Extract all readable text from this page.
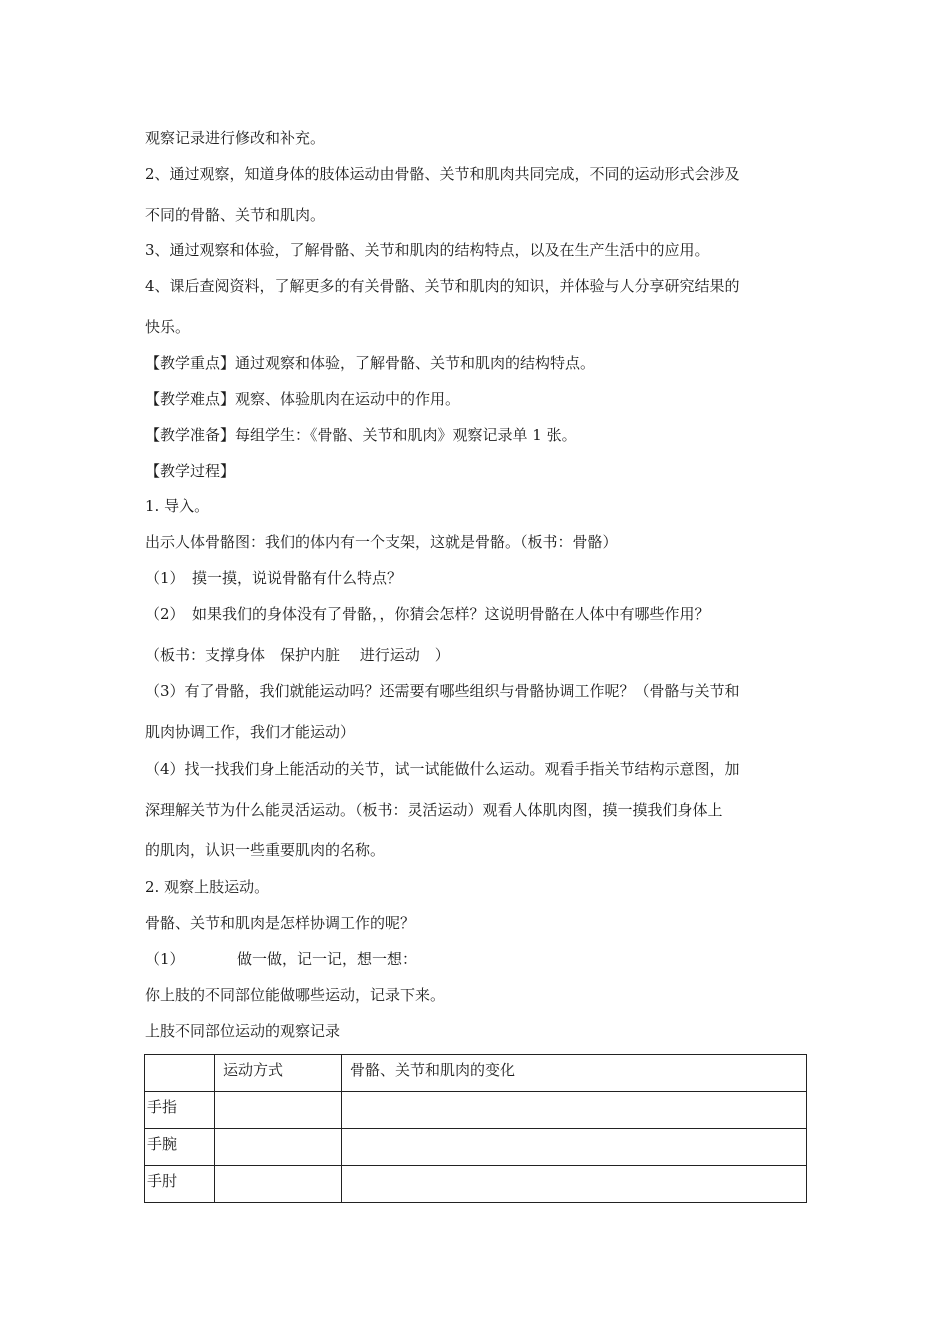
观察记录进行修改和补充。
2、通过观察，知道身体的肢体运动由骨骼、关节和肌肉共同完成，不同的运动形式会涉及
不同的骨骼、关节和肌肉。
3、通过观察和体验，了解骨骼、关节和肌肉的结构特点，以及在生产生活中的应用。
4、课后查阅资料，了解更多的有关骨骼、关节和肌肉的知识，并体验与人分享研究结果的
快乐。
【教学重点】通过观察和体验，了解骨骼、关节和肌肉的结构特点。
【教学难点】观察、体验肌肉在运动中的作用。
【教学准备】每组学生：《骨骼、关节和肌肉》观察记录单 1 张。
【教学过程】
1. 导入。
出示人体骨骼图：我们的体内有一个支架，这就是骨骼。（板书：骨骼）
（1）　摸一摸，说说骨骼有什么特点？
（2）　如果我们的身体没有了骨骼，，你猜会怎样？这说明骨骼在人体中有哪些作用？
（板书：支撑身体　保护内脏　 进行运动　）
（3）有了骨骼，我们就能运动吗？还需要有哪些组织与骨骼协调工作呢？（骨骼与关节和
肌肉协调工作，我们才能运动）
（4）找一找我们身上能活动的关节，试一试能做什么运动。观看手指关节结构示意图，加
深理解关节为什么能灵活运动。（板书：灵活运动）观看人体肌肉图，摸一摸我们身体上
的肌肉，认识一些重要肌肉的名称。
2. 观察上肢运动。
骨骼、关节和肌肉是怎样协调工作的呢？
（1）　　　　做一做，记一记，想一想：
你上肢的不同部位能做哪些运动，记录下来。
上肢不同部位运动的观察记录
	运动方式	骨骼、关节和肌肉的变化
手指		
手腕		
手肘		
